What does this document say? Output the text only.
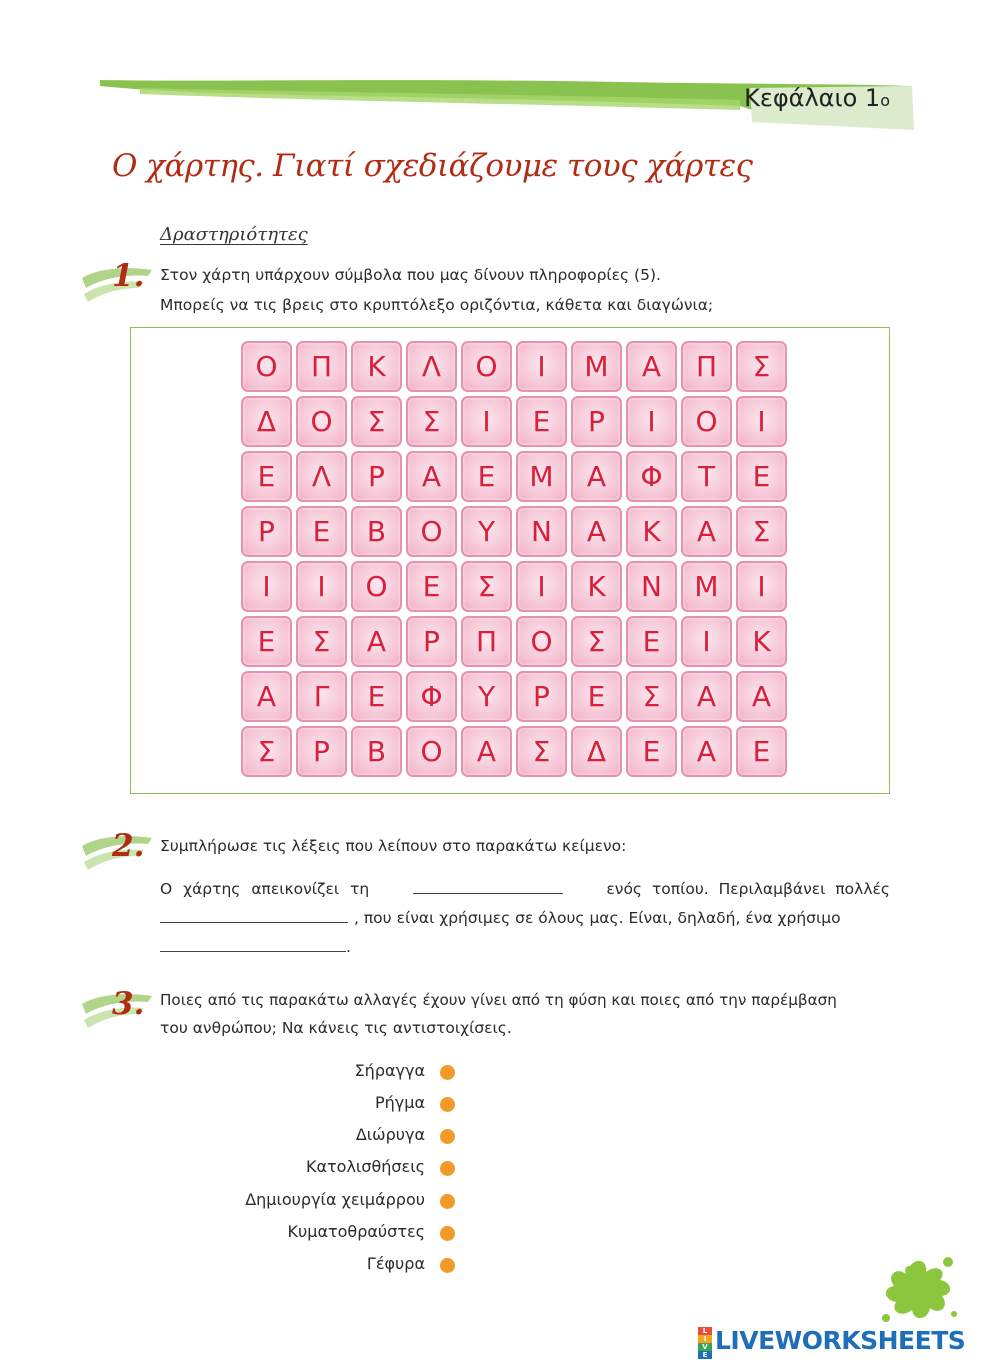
Κεφάλαιο 1ο
Ο χάρτης. Γιατί σχεδιάζουμε τους χάρτες
Δραστηριότητες
1. Στον χάρτη υπάρχουν σύμβολα που μας δίνουν πληροφορίες (5).
Μπορείς να τις βρεις στο κρυπτόλεξο οριζόντια, κάθετα και διαγώνια;
Ο	Π	Κ	Λ	Ο	Ι	Μ	Α	Π	Σ
Δ	Ο	Σ	Σ	Ι	Ε	Ρ	Ι	Ο	Ι
Ε	Λ	Ρ	Α	Ε	Μ	Α	Φ	Τ	Ε
Ρ	Ε	Β	Ο	Υ	Ν	Α	Κ	Α	Σ
Ι	Ι	Ο	Ε	Σ	Ι	Κ	Ν	Μ	Ι
Ε	Σ	Α	Ρ	Π	Ο	Σ	Ε	Ι	Κ
Α	Γ	Ε	Φ	Υ	Ρ	Ε	Σ	Α	Α
Σ	Ρ	Β	Ο	Α	Σ	Δ	Ε	Α	Ε
2. Συμπλήρωσε τις λέξεις που λείπουν στο παρακάτω κείμενο:
Ο χάρτης απεικονίζει τη	ενός τοπίου. Περιλαμβάνει πολλές
, που είναι χρήσιμες σε όλους μας. Είναι, δηλαδή, ένα χρήσιμο
.
3. Ποιες από τις παρακάτω αλλαγές έχουν γίνει από τη φύση και ποιες από την παρέμβαση
του ανθρώπου; Να κάνεις τις αντιστοιχίσεις.
Σήραγγα
Ρήγμα
Διώρυγα
Κατολισθήσεις
Δημιουργία χειμάρρου
Κυματοθραύστες
Γέφυρα
L
I
V
E
LIVEWORKSHEETS
